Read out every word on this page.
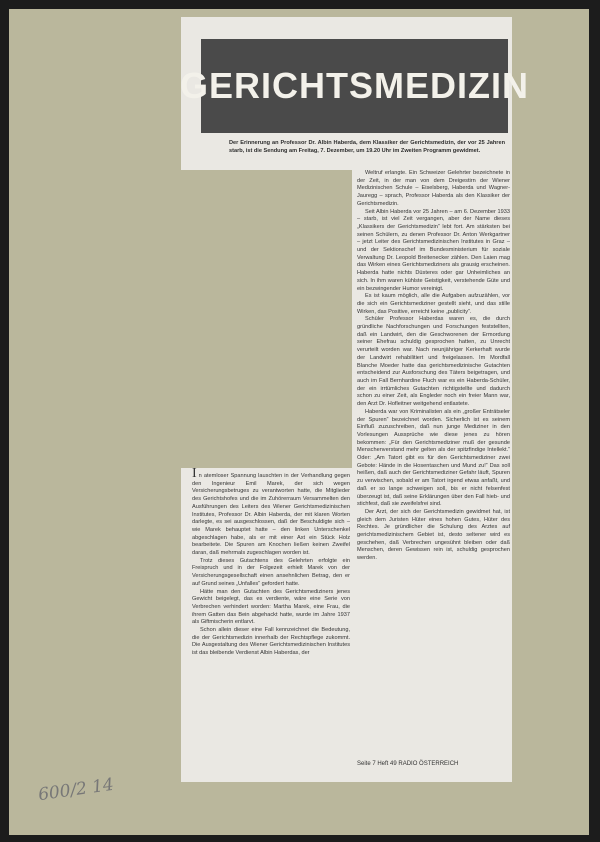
GERICHTSMEDIZIN
Der Erinnerung an Professor Dr. Albin Haberda, dem Klassiker der Gerichtsmedizin, der vor 25 Jahren starb, ist die Sendung am Freitag, 7. Dezember, um 19.20 Uhr im Zweiten Programm gewidmet.

Weltruf erlangte. Ein Schweizer Gelehrter bezeichnete in der Zeit, in der man von dem Dreigestirn der Wiener Medizinischen Schule – Eiselsberg, Haberda und Wagner-Jauregg – sprach, Professor Haberda als den Klassiker der Gerichtsmedizin.

Seit Albin Haberda vor 25 Jahren – am 6. Dezember 1933 – starb, ist viel Zeit vergangen, aber der Name dieses „Klassikers der Gerichtsmedizin“ lebt fort. Am stärksten bei seinen Schülern, zu denen Professor Dr. Anton Werkgartner – jetzt Leiter des Gerichtsmedizinischen Institutes in Graz – und der Sektionschef im Bundesministerium für soziale Verwaltung Dr. Leopold Breitenecker zählen. Den Laien mag das Wirken eines Gerichtsmediziners als grausig erscheinen. Haberda hatte nichts Düsteres oder gar Unheimliches an sich. In ihm waren kühlste Geistigkeit, verstehende Güte und ein bezwingender Humor vereinigt.

Es ist kaum möglich, alle die Aufgaben aufzuzählen, vor die sich ein Gerichtsmediziner gestellt sieht, und das stille Wirken, das Positive, erreicht keine „publicity“.

Schüler Professor Haberdas waren es, die durch gründliche Nachforschungen und Forschungen feststellten, daß ein Landwirt, den die Geschworenen der Ermordung seiner Ehefrau schuldig gesprochen hatten, zu Unrecht verurteilt worden war. Nach neunjähriger Kerkerhaft wurde der Landwirt rehabilitiert und freigelassen. Im Mordfall Blanche Moeder hatte das gerichtsmedizinische Gutachten entscheidend zur Ausforschung des Täters beigetragen, und auch im Fall Bernhardine Fluch war es ein Haberda-Schüler, der ein irrtümliches Gutachten richtigstellte und dadurch schon zu einer Zeit, als Engleder noch ein freier Mann war, den Arzt Dr. Hofleitner weitgehend entlastete.

Haberda war von Kriminalisten als ein „großer Enträtseler der Spuren“ bezeichnet worden. Sicherlich ist es seinem Einfluß zuzuschreiben, daß nun junge Mediziner in den Vorlesungen Aussprüche wie diese jenes zu hören bekommen: „Für den Gerichtsmediziner muß der gesunde Menschenverstand mehr gelten als der spitzfindige Intellekt.“ Oder: „Am Tatort gibt es für den Gerichtsmediziner zwei Gebote: Hände in die Hosentaschen und Mund zu!“ Das soll heißen, daß auch der Gerichtsmediziner Gefahr läuft, Spuren zu verwischen, sobald er am Tatort irgend etwas anfaßt, und daß er so lange schweigen soll, bis er nicht felsenfest überzeugt ist, daß seine Erklärungen über den Fall hieb- und stichfest, daß sie zweifelsfrei sind.

Der Arzt, der sich der Gerichtsmedizin gewidmet hat, ist gleich dem Juristen Hüter eines hohen Gutes, Hüter des Rechtes. Je gründlicher die Schulung des Arztes auf gerichtsmedizinischem Gebiet ist, desto seltener wird es geschehen, daß Verbrechen ungesühnt bleiben oder daß Menschen, deren Gewissen rein ist, schuldig gesprochen werden.

In atemloser Spannung lauschten in der Verhandlung gegen den Ingenieur Emil Marek, der sich wegen Versicherungsbetruges zu verantworten hatte, die Mitglieder des Gerichtshofes und die im Zuhörerraum Versammelten den Ausführungen des Leiters des Wiener Gerichtsmedizinischen Institutes, Professor Dr. Albin Haberda, der mit klaren Worten darlegte, es sei ausgeschlossen, daß der Beschuldigte sich – wie Marek behauptet hatte – den linken Unterschenkel abgeschlagen habe, als er mit einer Axt ein Stück Holz bearbeitete. Die Spuren am Knochen ließen keinen Zweifel daran, daß mehrmals zugeschlagen worden ist.

Trotz dieses Gutachtens des Gelehrten erfolgte ein Freispruch und in der Folgezeit erhielt Marek von der Versicherungsgesellschaft einen ansehnlichen Betrag, den er auf Grund seines „Unfalles“ gefordert hatte.

Hätte man den Gutachten des Gerichtsmediziners jenes Gewicht beigelegt, das es verdiente, wäre eine Serie von Verbrechen verhindert worden: Martha Marek, eine Frau, die ihrem Gatten das Bein abgehackt hatte, wurde im Jahre 1937 als Giftmischerin entlarvt.

Schon allein dieser eine Fall kennzeichnet die Bedeutung, die der Gerichtsmedizin innerhalb der Rechtspflege zukommt. Die Ausgestaltung des Wiener Gerichtsmedizinischen Institutes ist das bleibende Verdienst Albin Haberdas, der

Seite 7 Heft 49 RADIO ÖSTERREICH
600/2 14
